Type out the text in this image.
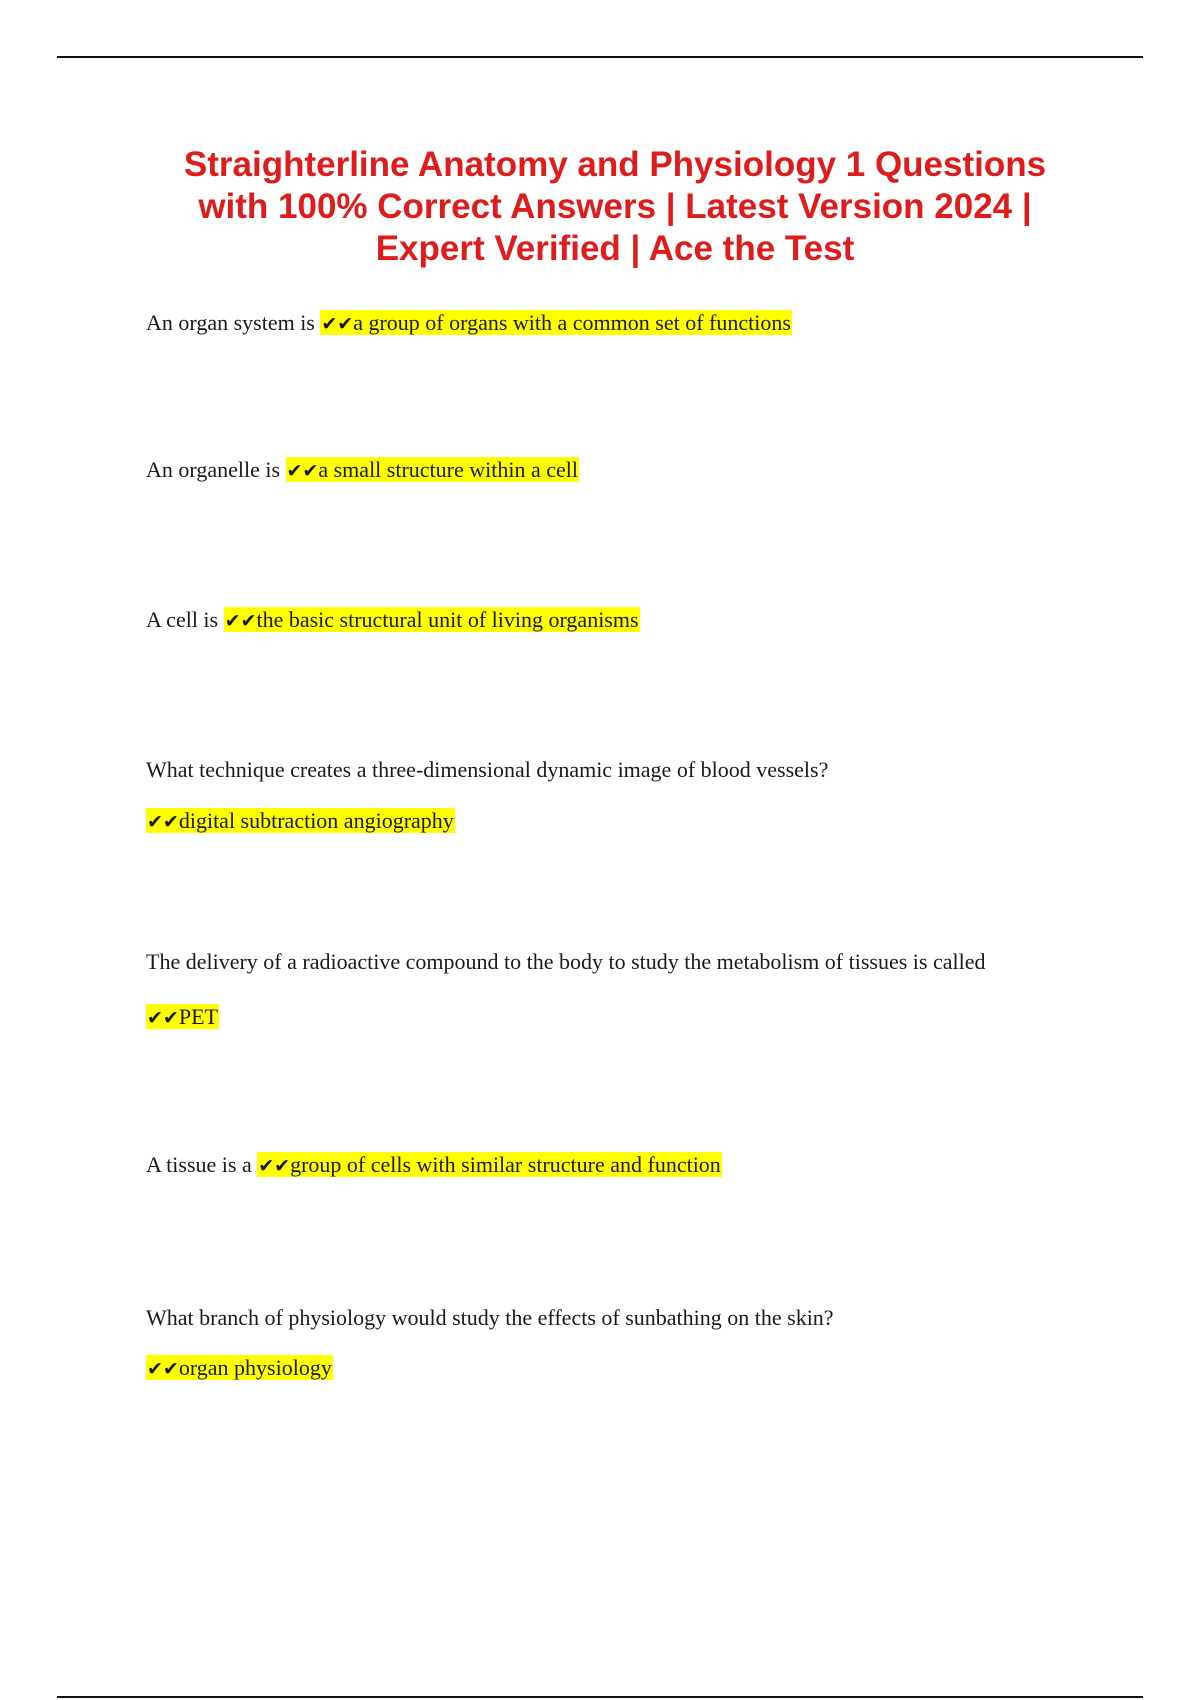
Straighterline Anatomy and Physiology 1 Questions
with 100% Correct Answers | Latest Version 2024 |
Expert Verified | Ace the Test
An organ system is ✔✔a group of organs with a common set of functions
An organelle is ✔✔a small structure within a cell
A cell is ✔✔the basic structural unit of living organisms
What technique creates a three-dimensional dynamic image of blood vessels?
✔✔digital subtraction angiography
The delivery of a radioactive compound to the body to study the metabolism of tissues is called
✔✔PET
A tissue is a ✔✔group of cells with similar structure and function
What branch of physiology would study the effects of sunbathing on the skin?
✔✔organ physiology
